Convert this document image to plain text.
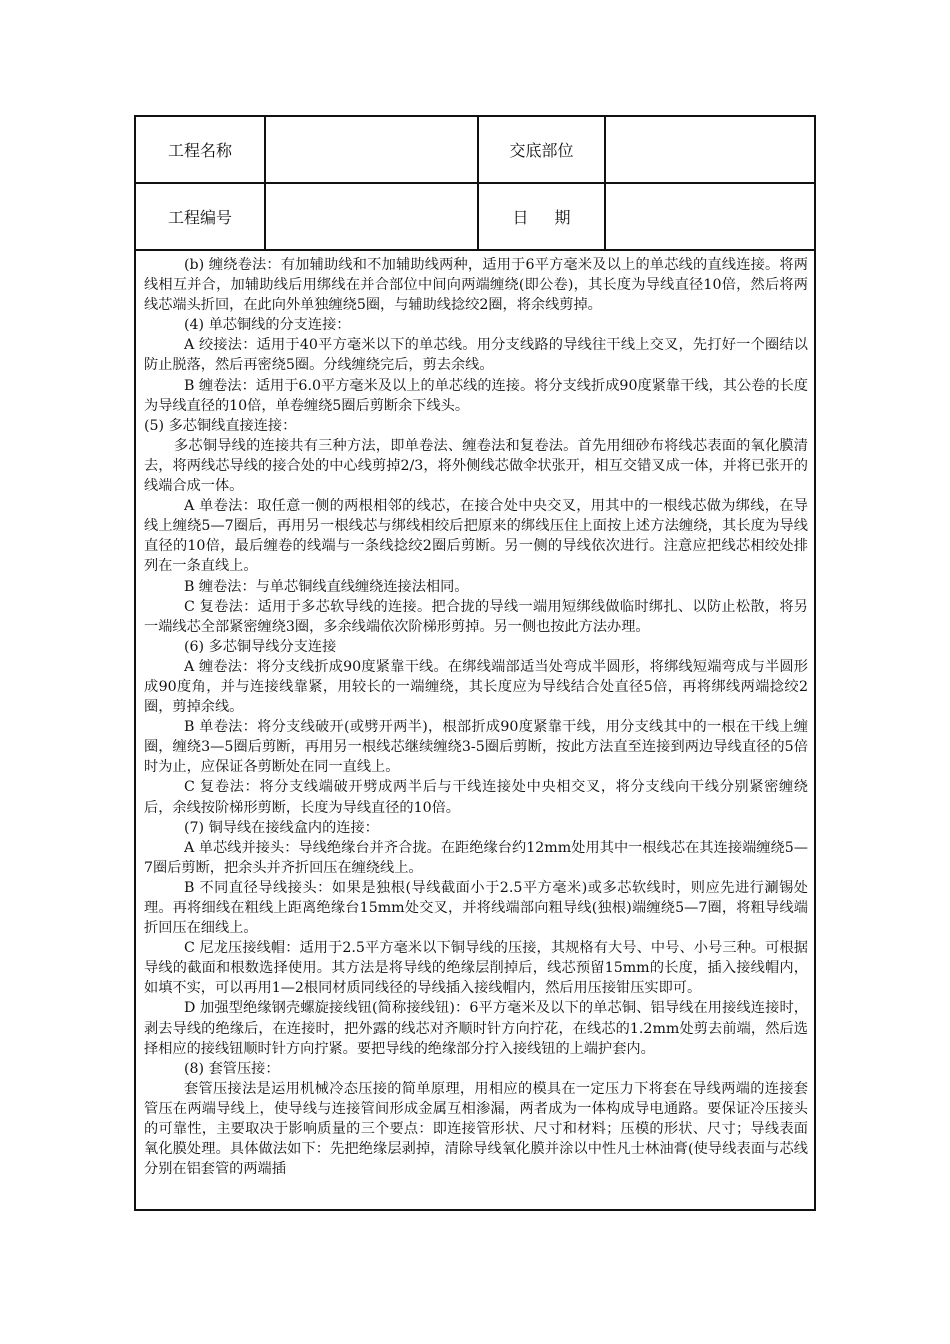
工程名称	交底部位
工程编号	日期

(b) 缠绕卷法：有加辅助线和不加辅助线两种，适用于6平方毫米及以上的单芯线的直线连接。将两线相互并合，加辅助线后用绑线在并合部位中间向两端缠绕(即公卷)，其长度为导线直径10倍，然后将两线芯端头折回，在此向外单独缠绕5圈，与辅助线捻绞2圈，将余线剪掉。

(4) 单芯铜线的分支连接：

A 绞接法：适用于40平方毫米以下的单芯线。用分支线路的导线往干线上交叉，先打好一个圈结以防止脱落，然后再密绕5圈。分线缠绕完后，剪去余线。

B 缠卷法：适用于6.0平方毫米及以上的单芯线的连接。将分支线折成90度紧靠干线，其公卷的长度为导线直径的10倍，单卷缠绕5圈后剪断余下线头。

(5) 多芯铜线直接连接：

多芯铜导线的连接共有三种方法，即单卷法、缠卷法和复卷法。首先用细砂布将线芯表面的氧化膜清去，将两线芯导线的接合处的中心线剪掉2/3，将外侧线芯做伞状张开，相互交错叉成一体，并将已张开的线端合成一体。

A 单卷法：取任意一侧的两根相邻的线芯，在接合处中央交叉，用其中的一根线芯做为绑线，在导线上缠绕5—7圈后，再用另一根线芯与绑线相绞后把原来的绑线压住上面按上述方法缠绕，其长度为导线直径的10倍，最后缠卷的线端与一条线捻绞2圈后剪断。另一侧的导线依次进行。注意应把线芯相绞处排列在一条直线上。

B 缠卷法：与单芯铜线直线缠绕连接法相同。

C 复卷法：适用于多芯软导线的连接。把合拢的导线一端用短绑线做临时绑扎、以防止松散，将另一端线芯全部紧密缠绕3圈，多余线端依次阶梯形剪掉。另一侧也按此方法办理。

(6) 多芯铜导线分支连接

A 缠卷法：将分支线折成90度紧靠干线。在绑线端部适当处弯成半圆形，将绑线短端弯成与半圆形成90度角，并与连接线靠紧，用较长的一端缠绕，其长度应为导线结合处直径5倍，再将绑线两端捻绞2圈，剪掉余线。

B 单卷法：将分支线破开(或劈开两半)，根部折成90度紧靠干线，用分支线其中的一根在干线上缠圈，缠绕3—5圈后剪断，再用另一根线芯继续缠绕3-5圈后剪断，按此方法直至连接到两边导线直径的5倍时为止，应保证各剪断处在同一直线上。

C 复卷法：将分支线端破开劈成两半后与干线连接处中央相交叉，将分支线向干线分别紧密缠绕后，余线按阶梯形剪断，长度为导线直径的10倍。

(7) 铜导线在接线盒内的连接：

A 单芯线并接头：导线绝缘台并齐合拢。在距绝缘台约12mm处用其中一根线芯在其连接端缠绕5—7圈后剪断，把余头并齐折回压在缠绕线上。

B 不同直径导线接头：如果是独根(导线截面小于2.5平方毫米)或多芯软线时，则应先进行涮锡处理。再将细线在粗线上距离绝缘台15mm处交叉，并将线端部向粗导线(独根)端缠绕5—7圈，将粗导线端折回压在细线上。

C 尼龙压接线帽：适用于2.5平方毫米以下铜导线的压接，其规格有大号、中号、小号三种。可根据导线的截面和根数选择使用。其方法是将导线的绝缘层削掉后，线芯预留15mm的长度，插入接线帽内，如填不实，可以再用1—2根同材质同线径的导线插入接线帽内，然后用压接钳压实即可。

D 加强型绝缘钢壳螺旋接线钮(简称接线钮)：6平方毫米及以下的单芯铜、铝导线在用接线连接时，剥去导线的绝缘后，在连接时，把外露的线芯对齐顺时针方向拧花，在线芯的1.2mm处剪去前端，然后选择相应的接线钮顺时针方向拧紧。要把导线的绝缘部分拧入接线钮的上端护套内。

(8) 套管压接：

套管压接法是运用机械冷态压接的简单原理，用相应的模具在一定压力下将套在导线两端的连接套管压在两端导线上，使导线与连接管间形成金属互相渗漏，两者成为一体构成导电通路。要保证冷压接头的可靠性，主要取决于影响质量的三个要点：即连接管形状、尺寸和材料；压模的形状、尺寸；导线表面氧化膜处理。具体做法如下：先把绝缘层剥掉，清除导线氧化膜并涂以中性凡士林油膏(使导线表面与芯线分别在铝套管的两端插
